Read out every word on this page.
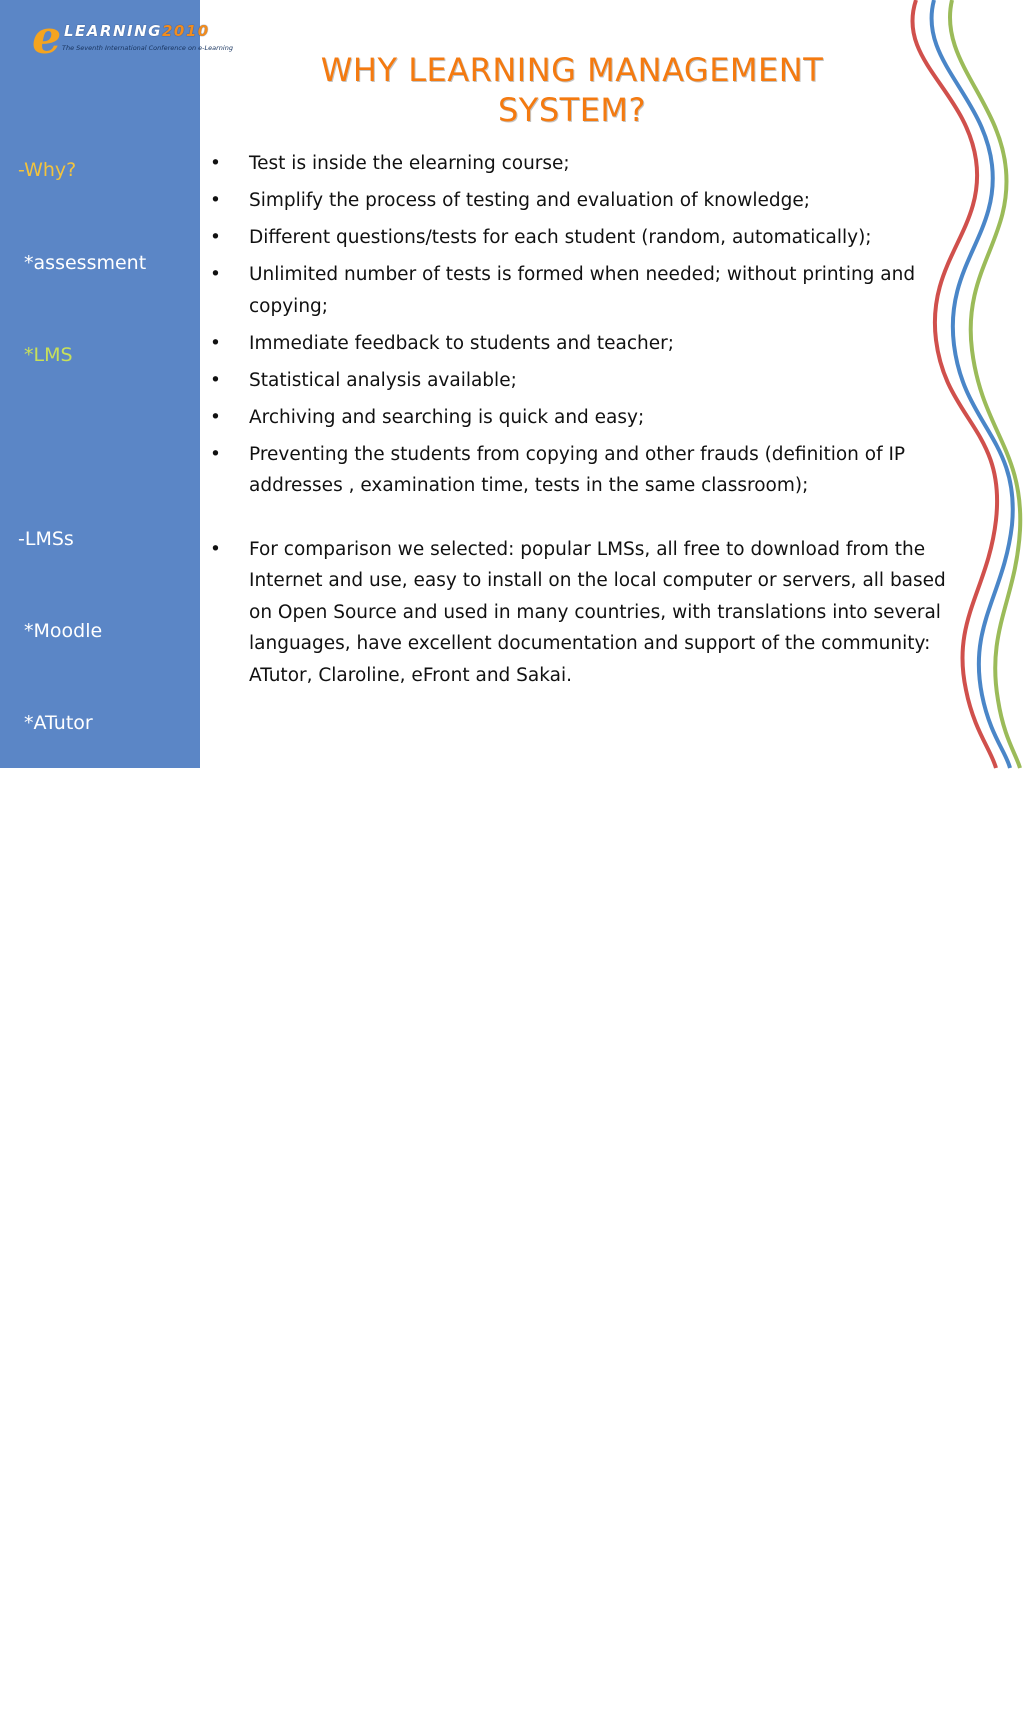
e LEARNING2010
The Seventh International Conference on e-Learning

-Why?

*assessment

*LMS

-LMSs

*Moodle

*ATutor

*Claroline

*eFront

*Sakai

-Criteria

-Conclusion

*advantages

* lack of...

*Yes/No?

WHY LEARNING MANAGEMENT
SYSTEM?
• Test is inside the elearning course;
• Simplify the process of testing and evaluation of knowledge;
• Different questions/tests for each student (random, automatically);
• Unlimited number of tests is formed when needed; without printing and copying;
• Immediate feedback to students and teacher;
• Statistical analysis available;
• Archiving and searching is quick and easy;
• Preventing the students from copying and other frauds (definition of IP addresses , examination time, tests in the same classroom);
• For comparison we selected: popular LMSs, all free to download from the Internet and use, easy to install on the local computer or servers, all based on Open Source and used in many countries, with translations into several languages, have excellent documentation and support of the community: ATutor, Claroline, eFront and Sakai.
